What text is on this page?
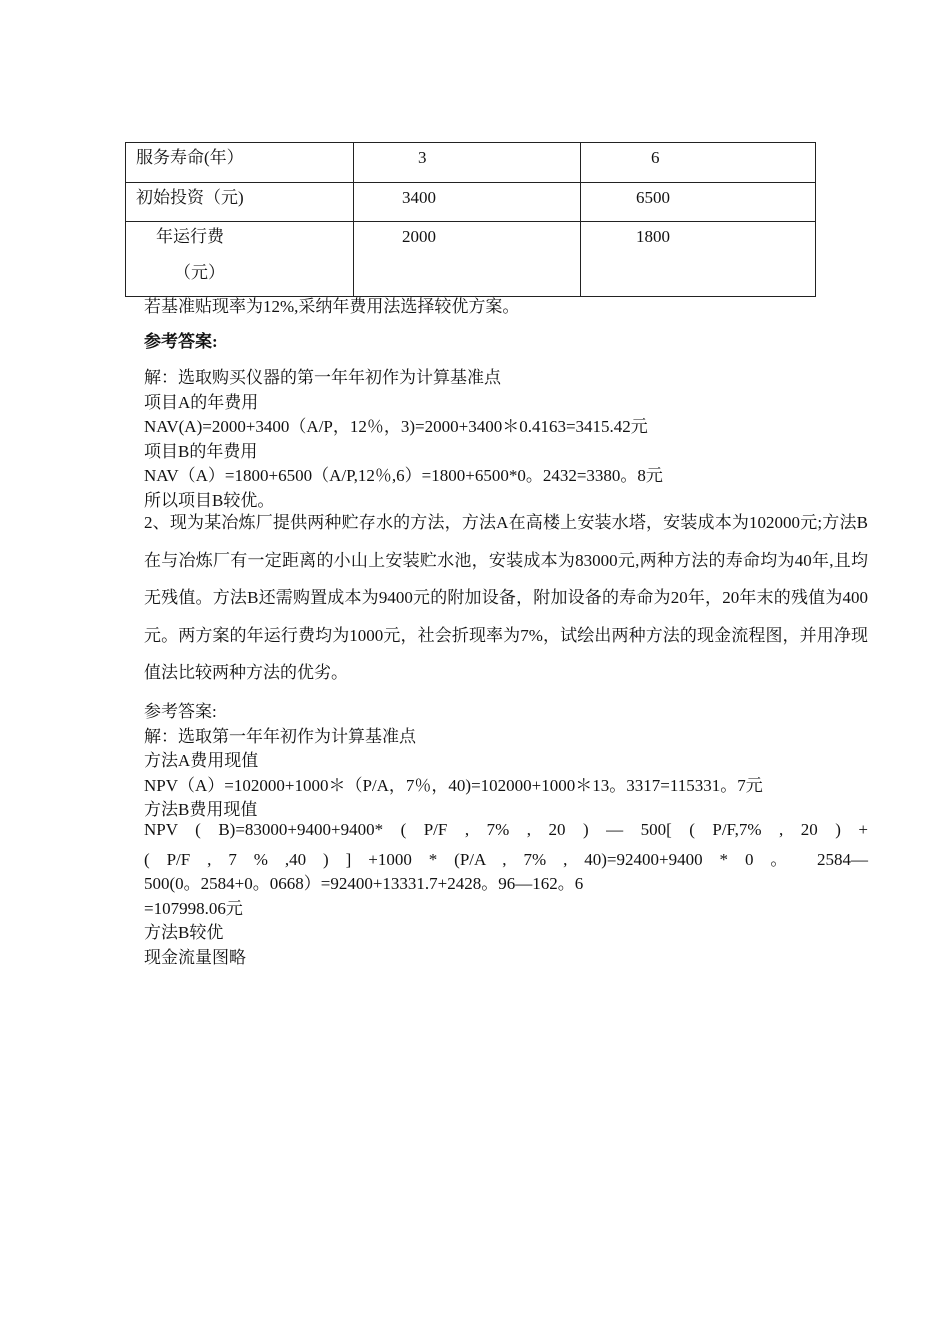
服务寿命(年）	3	6
初始投资（元)	3400	6500
年运行费
（元）	2000	1800
若基准贴现率为12%,采纳年费用法选择较优方案。
参考答案:
解：选取购买仪器的第一年年初作为计算基准点
项目A的年费用
NAV(A)=2000+3400（A/P，12％，3)=2000+3400＊0.4163=3415.42元
项目B的年费用
NAV（A）=1800+6500（A/P,12％,6）=1800+6500*0。2432=3380。8元
所以项目B较优。
2、现为某冶炼厂提供两种贮存水的方法，方法A在高楼上安装水塔，安装成本为102000元;方法B在与冶炼厂有一定距离的小山上安装贮水池，安装成本为83000元,两种方法的寿命均为40年,且均无残值。方法B还需购置成本为9400元的附加设备，附加设备的寿命为20年，20年末的残值为400元。两方案的年运行费均为1000元，社会折现率为7%，试绘出两种方法的现金流程图，并用净现值法比较两种方法的优劣。
参考答案:
解：选取第一年年初作为计算基准点
方法A费用现值
NPV（A）=102000+1000＊（P/A，7％，40)=102000+1000＊13。3317=115331。7元
方法B费用现值
NPV ( B)=83000+9400+9400* ( P/F , 7% , 20 ) — 500[ ( P/F,7% , 20 ) +
( P/F , 7 % ,40 ) ] +1000 * (P/A , 7% , 40)=92400+9400 * 0 。 2584—
500(0。2584+0。0668）=92400+13331.7+2428。96—162。6
=107998.06元
方法B较优
现金流量图略
